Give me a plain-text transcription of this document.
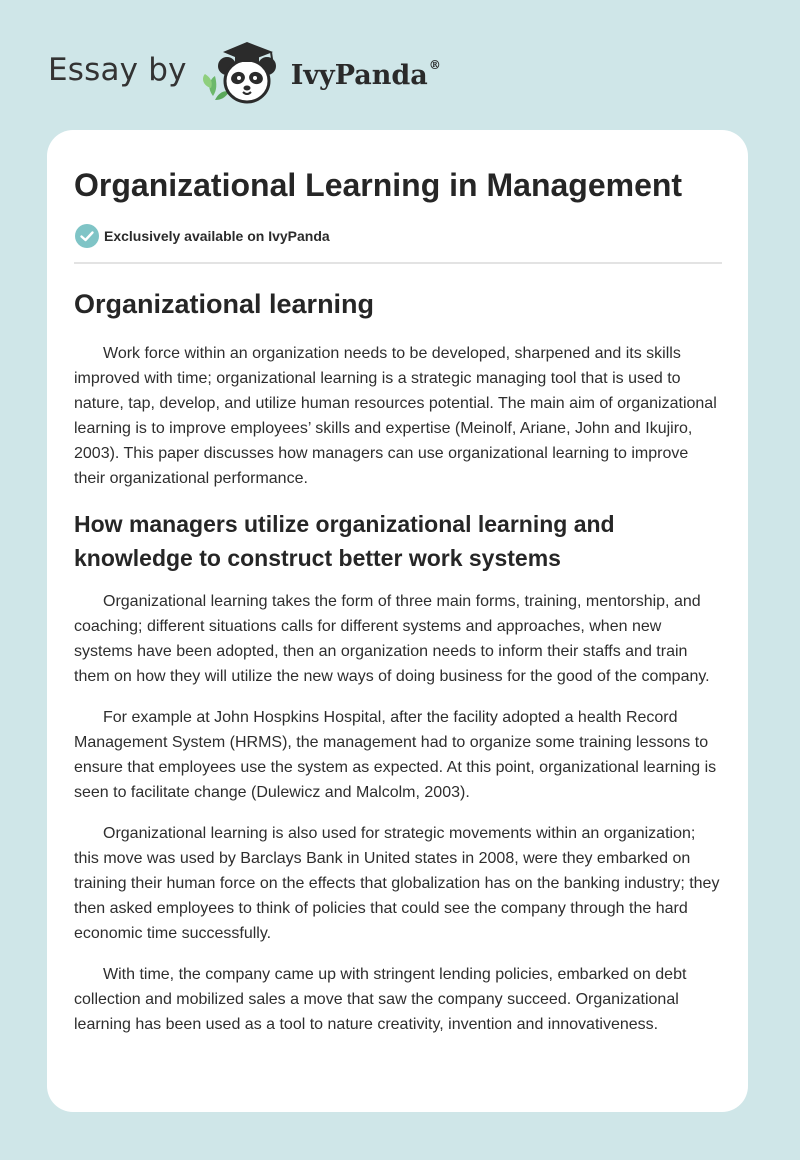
Essay by	IvyPanda®
Organizational Learning in Management
Exclusively available on IvyPanda
Organizational learning

Work force within an organization needs to be developed, sharpened and its skills improved with time; organizational learning is a strategic managing tool that is used to nature, tap, develop, and utilize human resources potential. The main aim of organizational learning is to improve employees’ skills and expertise (Meinolf, Ariane, John and Ikujiro, 2003). This paper discusses how managers can use organizational learning to improve their organizational performance.

How managers utilize organizational learning and knowledge to construct better work systems

Organizational learning takes the form of three main forms, training, mentorship, and coaching; different situations calls for different systems and approaches, when new systems have been adopted, then an organization needs to inform their staffs and train them on how they will utilize the new ways of doing business for the good of the company.

For example at John Hospkins Hospital, after the facility adopted a health Record Management System (HRMS), the management had to organize some training lessons to ensure that employees use the system as expected. At this point, organizational learning is seen to facilitate change (Dulewicz and Malcolm, 2003).

Organizational learning is also used for strategic movements within an organization; this move was used by Barclays Bank in United states in 2008, were they embarked on training their human force on the effects that globalization has on the banking industry; they then asked employees to think of policies that could see the company through the hard economic time successfully.

With time, the company came up with stringent lending policies, embarked on debt collection and mobilized sales a move that saw the company succeed. Organizational learning has been used as a tool to nature creativity, invention and innovativeness.
